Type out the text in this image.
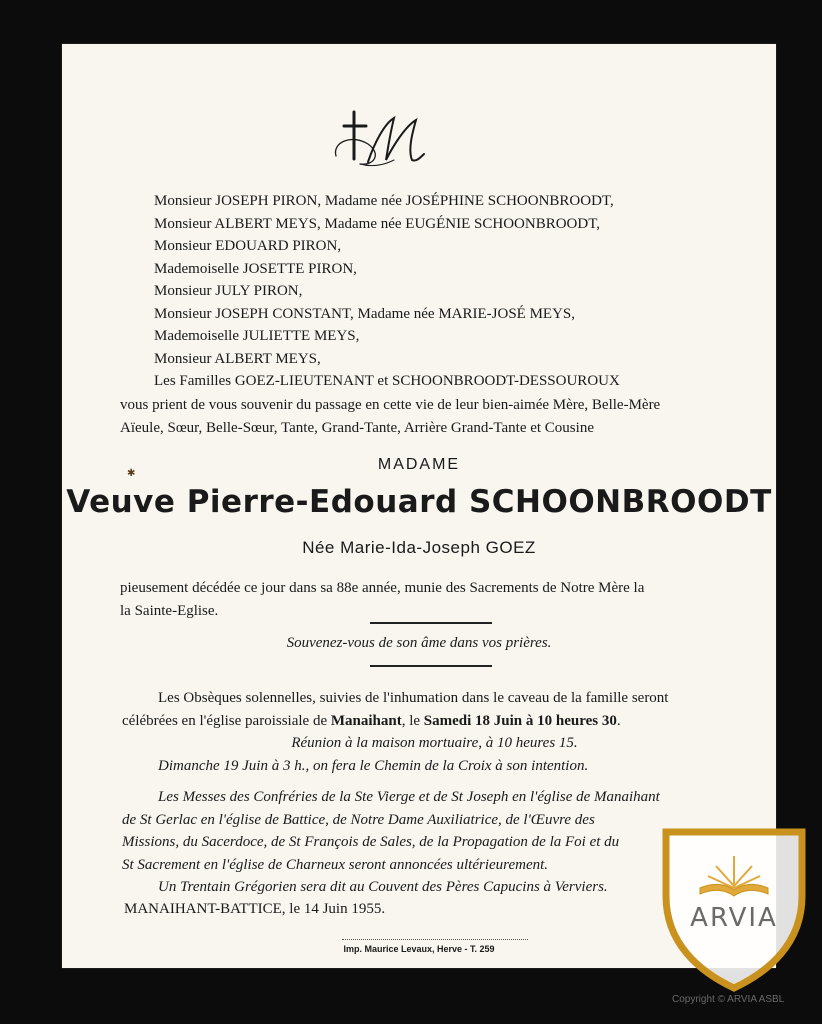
Monsieur JOSEPH PIRON, Madame née JOSÉPHINE SCHOONBROODT,
Monsieur ALBERT MEYS, Madame née EUGÉNIE SCHOONBROODT,
Monsieur EDOUARD PIRON,
Mademoiselle JOSETTE PIRON,
Monsieur JULY PIRON,
Monsieur JOSEPH CONSTANT, Madame née MARIE-JOSÉ MEYS,
Mademoiselle JULIETTE MEYS,
Monsieur ALBERT MEYS,
Les Familles GOEZ-LIEUTENANT et SCHOONBROODT-DESSOUROUX
vous prient de vous souvenir du passage en cette vie de leur bien-aimée Mère, Belle-Mère
Aïeule, Sœur, Belle-Sœur, Tante, Grand-Tante, Arrière Grand-Tante et Cousine
✱
MADAME
Veuve Pierre-Edouard SCHOONBROODT
Née Marie-Ida-Joseph GOEZ
pieusement décédée ce jour dans sa 88e année, munie des Sacrements de Notre Mère la
la Sainte-Eglise.
Souvenez-vous de son âme dans vos prières.
Les Obsèques solennelles, suivies de l'inhumation dans le caveau de la famille seront
célébrées en l'église paroissiale de Manaihant, le Samedi 18 Juin à 10 heures 30.
Réunion à la maison mortuaire, à 10 heures 15.
Dimanche 19 Juin à 3 h., on fera le Chemin de la Croix à son intention.
Les Messes des Confréries de la Ste Vierge et de St Joseph en l'église de Manaihant
de St Gerlac en l'église de Battice, de Notre Dame Auxiliatrice, de l'Œuvre des
Missions, du Sacerdoce, de St François de Sales, de la Propagation de la Foi et du
St Sacrement en l'église de Charneux seront annoncées ultérieurement.
Un Trentain Grégorien sera dit au Couvent des Pères Capucins à Verviers.
MANAIHANT-BATTICE, le 14 Juin 1955.
Imp. Maurice Levaux, Herve - T. 259
ARVIA
Copyright © ARVIA ASBL
